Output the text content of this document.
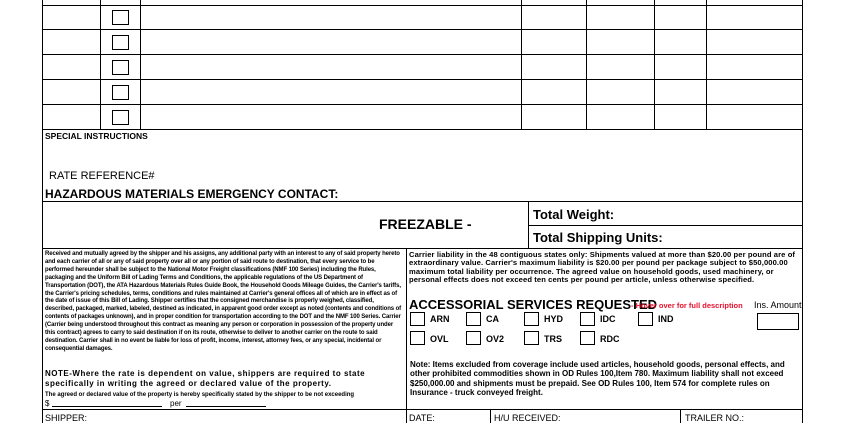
SPECIAL INSTRUCTIONS
RATE REFERENCE#
HAZARDOUS MATERIALS EMERGENCY CONTACT:
FREEZABLE -
Total Weight:
Total Shipping Units:
Received and mutually agreed by the shipper and his assigns, any additional party with an interest to any of said property hereto and each carrier of all or any of said property over all or any portion of said route to destination, that every service to be performed hereunder shall be subject to the National Motor Freight classifications (NMF 100 Series) including the Rules, packaging and the Uniform Bill of Lading Terms and Conditions, the applicable regulations of the US Department of Transportation (DOT), the ATA Hazardous Materials Rules Guide Book, the Household Goods Mileage Guides, the Carrier's tariffs, the Carrier's pricing schedules, terms, conditions and rules maintained at Carrier's general offices all of which are in effect as of the date of issue of this Bill of Lading. Shipper certifies that the consigned merchandise is properly weighed, classified, described, packaged, marked, labeled, destined as indicated, in apparent good order except as noted (contents and conditions of contents of packages unknown), and in proper condition for transportation according to the DOT and the NMF 100 Series. Carrier (Carrier being understood throughout this contract as meaning any person or corporation in possession of the property under this contract) agrees to carry to said destination if on its route, otherwise to deliver to another carrier on the route to said destination. Carrier shall in no event be liable for loss of profit, income, interest, attorney fees, or any special, incidental or consequential damages.
NOTE-Where the rate is dependent on value, shippers are required to state specifically in writing the agreed or declared value of the property.
The agreed or declared value of the property is hereby specifically stated by the shipper to be not exceeding
$	per
Carrier liability in the 48 contiguous states only: Shipments valued at more than $20.00 per pound are of extraordinary value. Carrier's maximum liability is $20.00 per pound per package subject to $50,000.00 maximum total liability per occurrence. The agreed value on household goods, used machinery, or personal effects does not exceed ten cents per pound per article, unless otherwise specified.
ACCESSORIAL SERVICES REQUESTED
- Hover over for full description Ins. Amount
ARN	CA	HYD	IDC	IND
OVL	OV2	TRS	RDC
Note: Items excluded from coverage include used articles, household goods, personal effects, and other prohibited commodities shown in OD Rules 100,Item 780. Maximum liability shall not exceed $250,000.00 and shipments must be prepaid. See OD Rules 100, Item 574 for complete rules on Insurance - truck conveyed freight.
SHIPPER:	DATE:	H/U RECEIVED:	TRAILER NO.:
